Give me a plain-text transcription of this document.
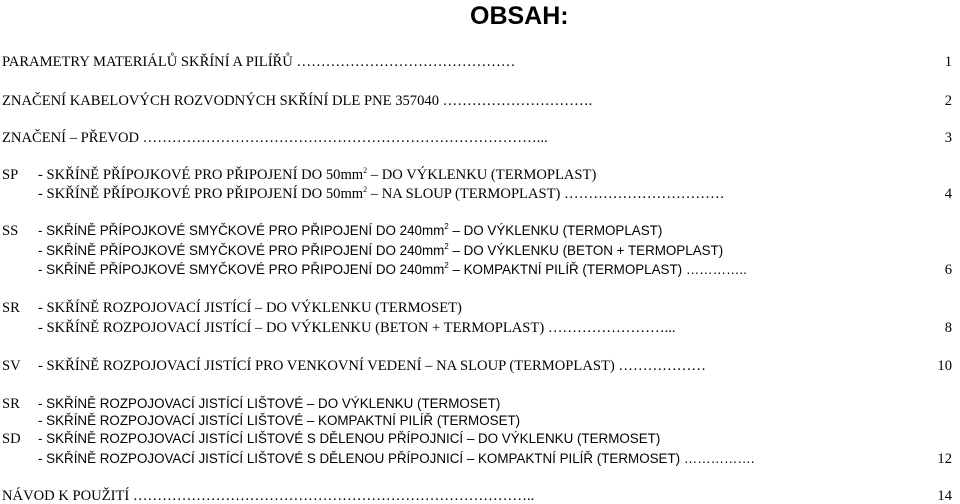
OBSAH:
PARAMETRY MATERIÁLŮ SKŘÍNÍ A PILÍŘŮ ………………………………………	1
ZNAČENÍ KABELOVÝCH ROZVODNÝCH SKŘÍNÍ DLE PNE 357040 ………………………….	2
ZNAČENÍ – PŘEVOD ………………………………………………………………………...	3
SP - SKŘÍNĚ PŘÍPOJKOVÉ PRO PŘIPOJENÍ DO $50mm^2$ – DO VÝKLENKU (TERMOPLAST)
- SKŘÍNĚ PŘÍPOJKOVÉ PRO PŘIPOJENÍ DO $50mm^2$ – NA SLOUP (TERMOPLAST) ……………………………	4
SS - SKŘÍNĚ PŘÍPOJKOVÉ SMYČKOVÉ PRO PŘIPOJENÍ DO $240mm^2$ – DO VÝKLENKU (TERMOPLAST)
- SKŘÍNĚ PŘÍPOJKOVÉ SMYČKOVÉ PRO PŘIPOJENÍ DO $240mm^2$ – DO VÝKLENKU (BETON + TERMOPLAST)
- SKŘÍNĚ PŘÍPOJKOVÉ SMYČKOVÉ PRO PŘIPOJENÍ DO $240mm^2$ – KOMPAKTNÍ PILÍŘ (TERMOPLAST) …………..	6
SR - SKŘÍNĚ ROZPOJOVACÍ JISTÍCÍ – DO VÝKLENKU (TERMOSET)
- SKŘÍNĚ ROZPOJOVACÍ JISTÍCÍ – DO VÝKLENKU (BETON + TERMOPLAST) ……………………...	8
SV - SKŘÍNĚ ROZPOJOVACÍ JISTÍCÍ PRO VENKOVNÍ VEDENÍ – NA SLOUP (TERMOPLAST) ………………	10
SR - SKŘÍNĚ ROZPOJOVACÍ JISTÍCÍ LIŠTOVÉ – DO VÝKLENKU (TERMOSET)
- SKŘÍNĚ ROZPOJOVACÍ JISTÍCÍ LIŠTOVÉ – KOMPAKTNÍ PILÍŘ (TERMOSET)
SD - SKŘÍNĚ ROZPOJOVACÍ JISTÍCÍ LIŠTOVÉ S DĚLENOU PŘÍPOJNICÍ – DO VÝKLENKU (TERMOSET)
- SKŘÍNĚ ROZPOJOVACÍ JISTÍCÍ LIŠTOVÉ S DĚLENOU PŘÍPOJNICÍ – KOMPAKTNÍ PILÍŘ (TERMOSET) …………….	12
NÁVOD K POUŽITÍ ………………………………………………………………………..	14
